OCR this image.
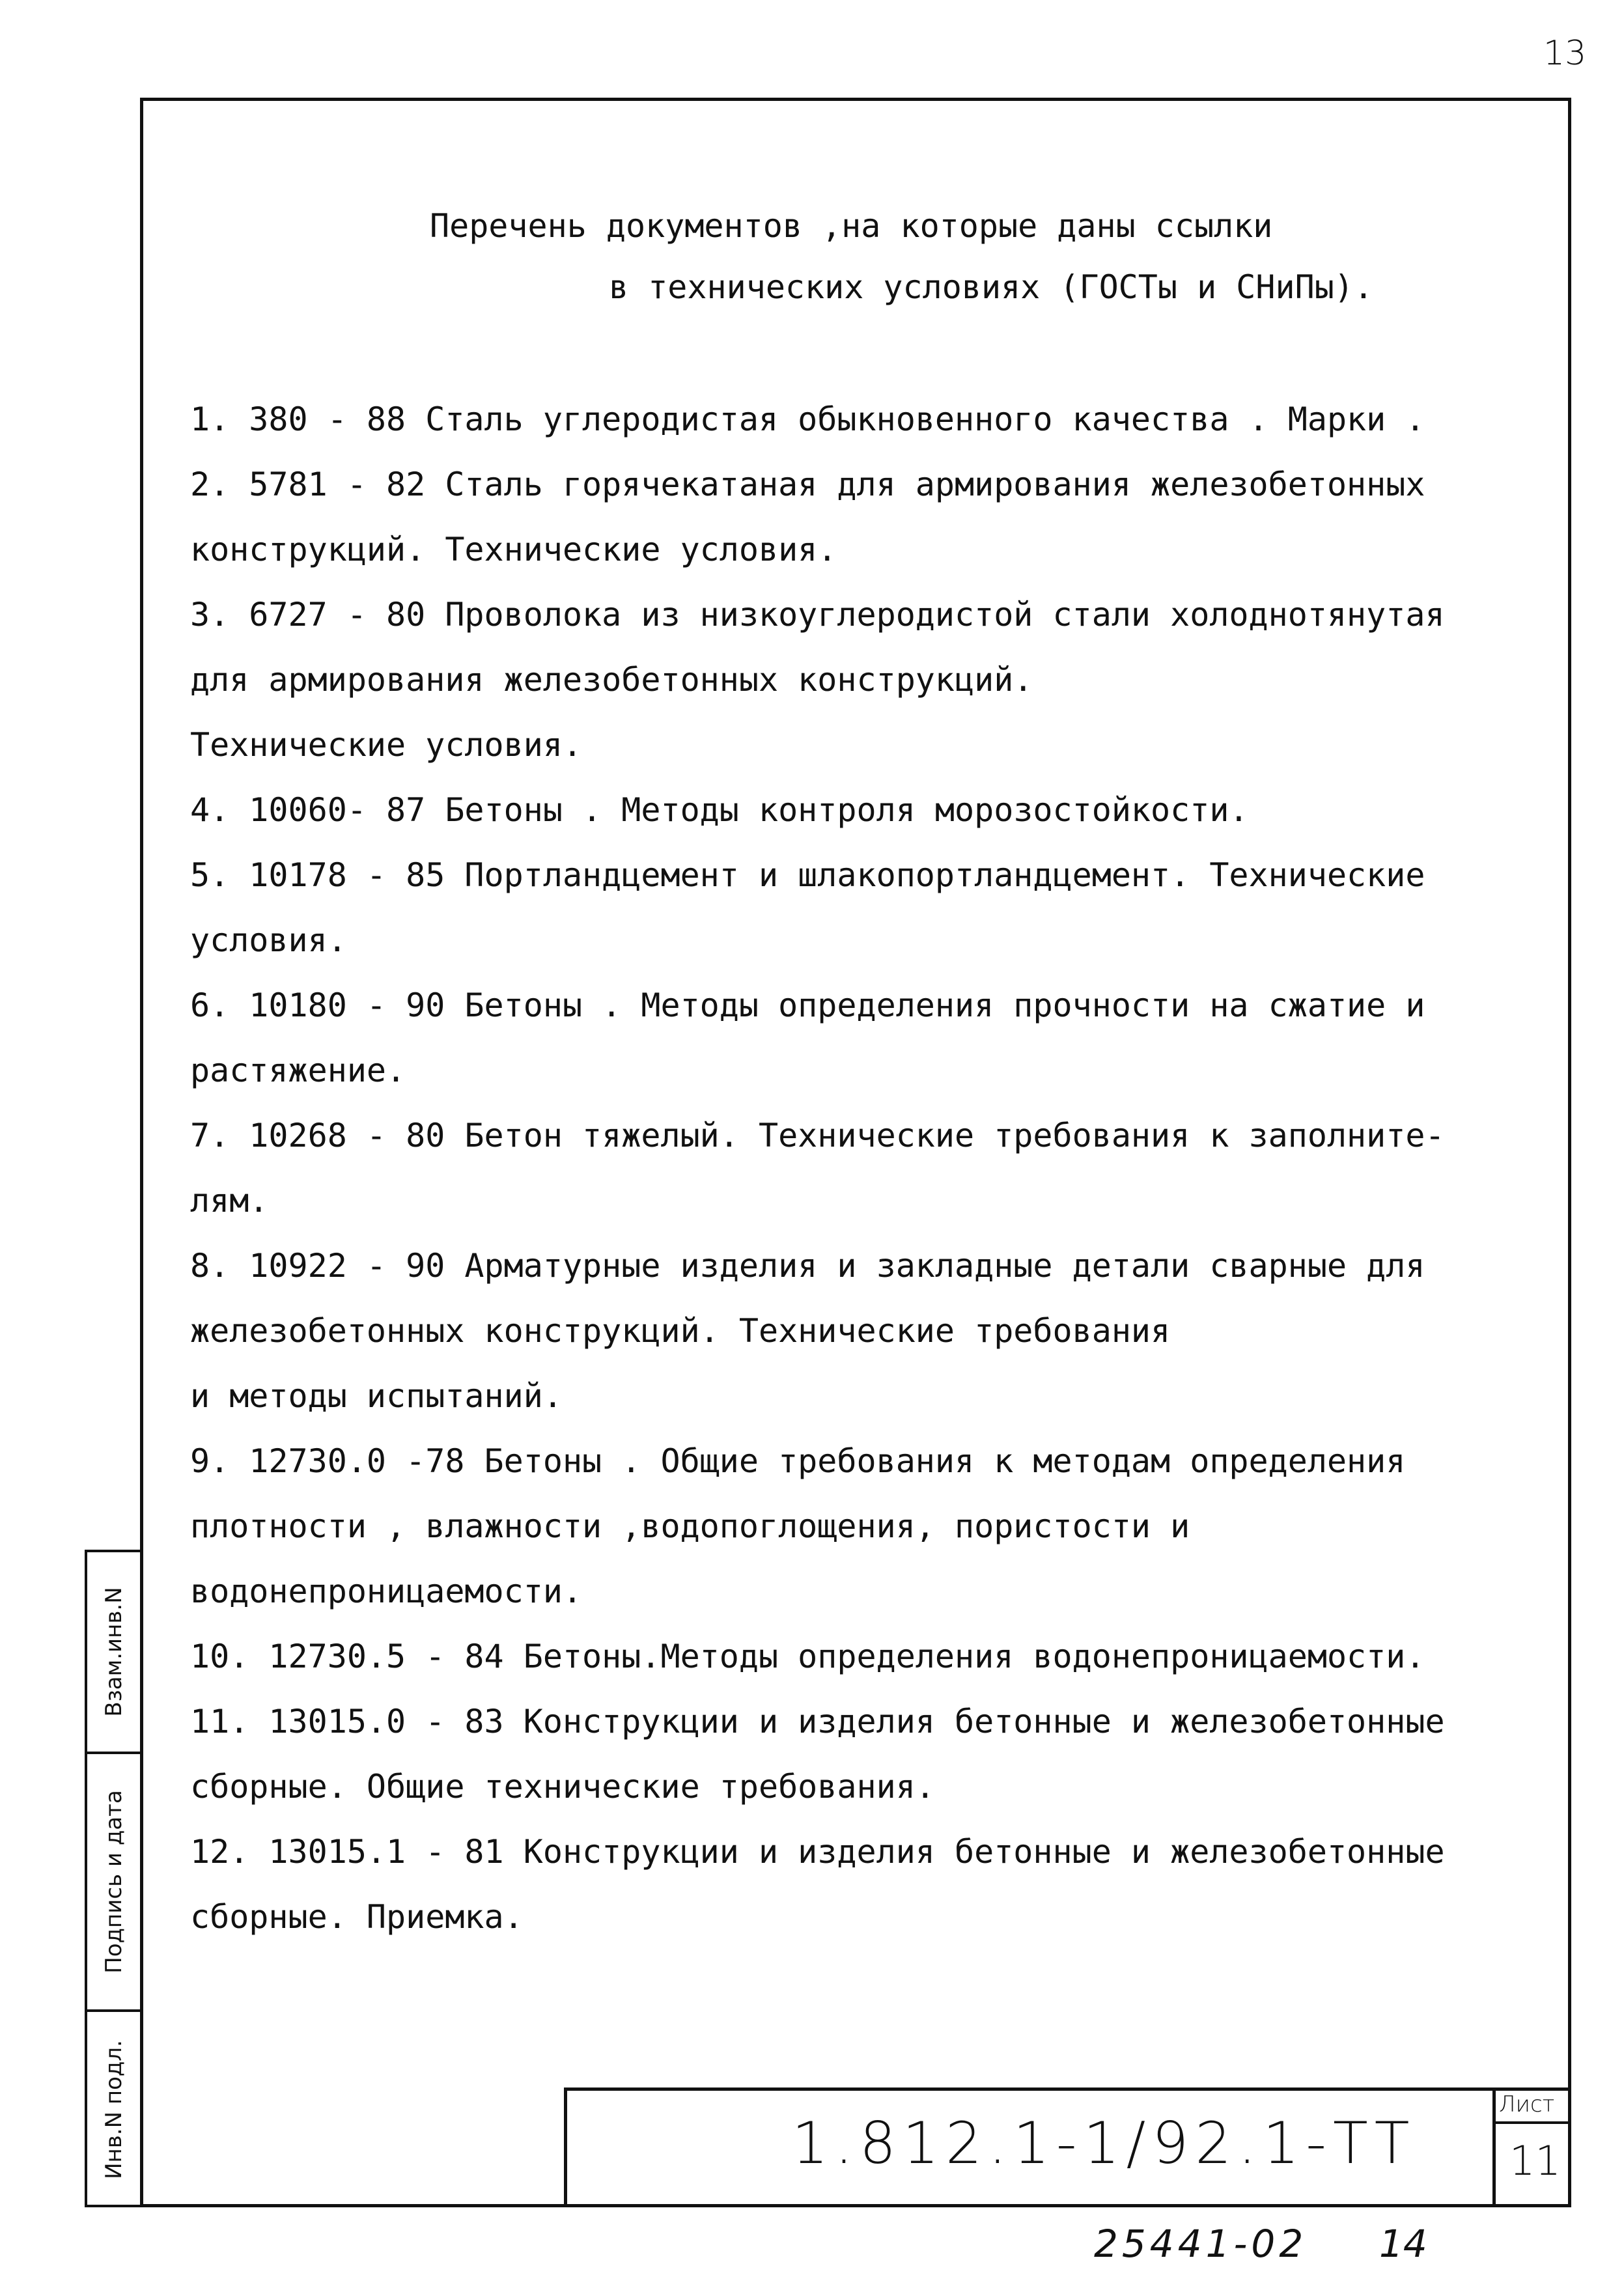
13
Взам.инв.N
Подпись и дата
Инв.N подл.
Перечень документов ,на которые даны ссылки
в технических условиях (ГОСТы и СНиПы).
1. 380 - 88 Сталь углеродистая обыкновенного качества . Марки .
2. 5781 - 82 Сталь горячекатаная для армирования железобетонных
конструкций. Технические условия.
3. 6727 - 80 Проволока из низкоуглеродистой стали холоднотянутая
для армирования железобетонных конструкций.
Технические условия.
4. 10060- 87 Бетоны . Методы контроля морозостойкости.
5. 10178 - 85 Портландцемент и шлакопортландцемент. Технические
условия.
6. 10180 - 90 Бетоны . Методы определения прочности на сжатие и
растяжение.
7. 10268 - 80 Бетон тяжелый. Технические требования к заполните-
лям.
8. 10922 - 90 Арматурные изделия и закладные детали сварные для
железобетонных конструкций. Технические требования
и методы испытаний.
9. 12730.0 -78 Бетоны . Общие требования к методам определения
плотности , влажности ,водопоглощения, пористости и
водонепроницаемости.
10. 12730.5 - 84 Бетоны.Методы определения водонепроницаемости.
11. 13015.0 - 83 Конструкции и изделия бетонные и железобетонные
сборные. Общие технические требования.
12. 13015.1 - 81 Конструкции и изделия бетонные и железобетонные
сборные. Приемка.
1.812.1-1/92.1-ТТ
Лист
11
25441-02 14
